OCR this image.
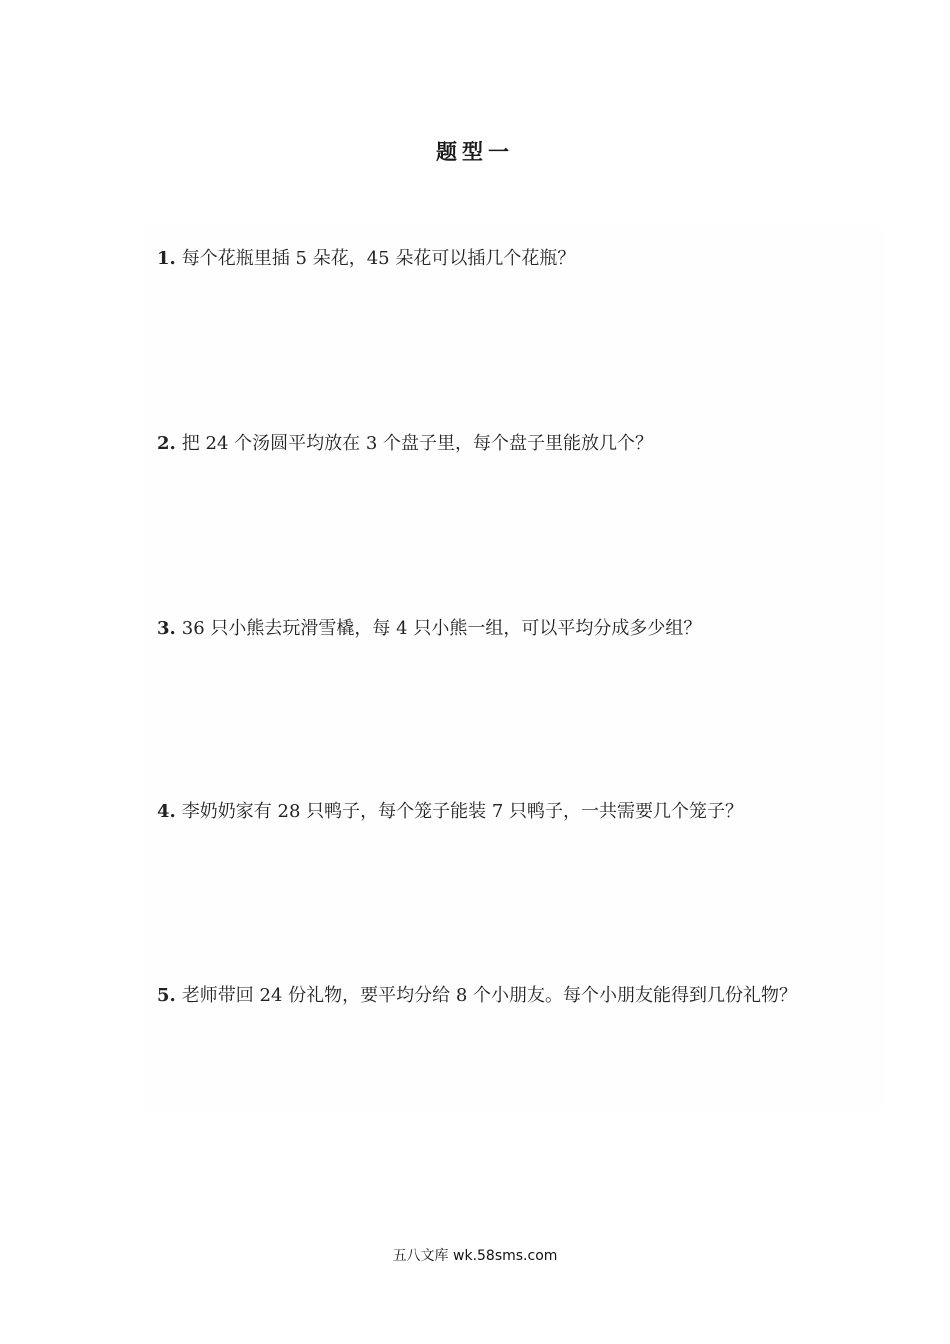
题型一
1. 每个花瓶里插 5 朵花，45 朵花可以插几个花瓶？
2. 把 24 个汤圆平均放在 3 个盘子里，每个盘子里能放几个？
3. 36 只小熊去玩滑雪橇，每 4 只小熊一组，可以平均分成多少组？
4. 李奶奶家有 28 只鸭子，每个笼子能装 7 只鸭子，一共需要几个笼子？
5. 老师带回 24 份礼物，要平均分给 8 个小朋友。每个小朋友能得到几份礼物？
五八文库 wk.58sms.com
